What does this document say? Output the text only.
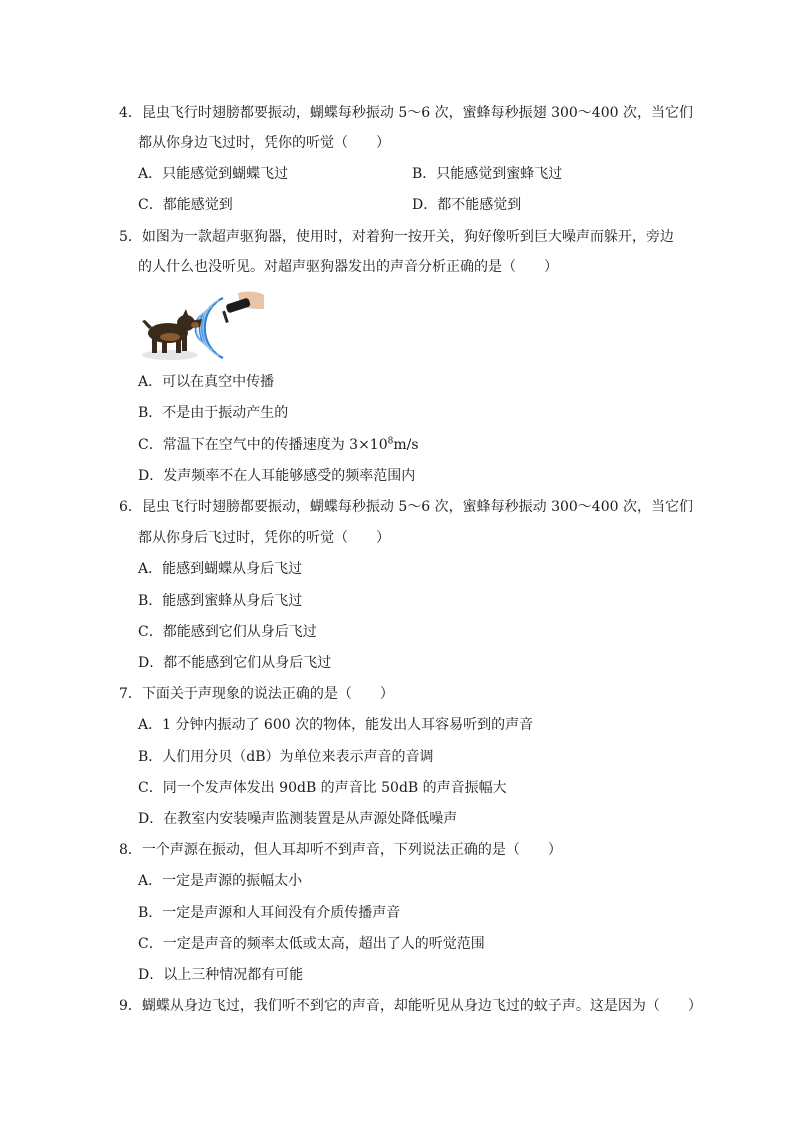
4．昆虫飞行时翅膀都要振动，蝴蝶每秒振动 5～6 次，蜜蜂每秒振翅 300～400 次，当它们
都从你身边飞过时，凭你的听觉（　　）
A．只能感觉到蝴蝶飞过	B．只能感觉到蜜蜂飞过
C．都能感觉到	D．都不能感觉到
5．如图为一款超声驱狗器，使用时，对着狗一按开关，狗好像听到巨大噪声而躲开，旁边
的人什么也没听见。对超声驱狗器发出的声音分析正确的是（　　）
A．可以在真空中传播
B．不是由于振动产生的
C．常温下在空气中的传播速度为 $3\times 10^8m/s$
D．发声频率不在人耳能够感受的频率范围内
6．昆虫飞行时翅膀都要振动，蝴蝶每秒振动 5～6 次，蜜蜂每秒振动 300～400 次，当它们
都从你身后飞过时，凭你的听觉（　　）
A．能感到蝴蝶从身后飞过
B．能感到蜜蜂从身后飞过
C．都能感到它们从身后飞过
D．都不能感到它们从身后飞过
7．下面关于声现象的说法正确的是（　　）
A．1 分钟内振动了 600 次的物体，能发出人耳容易听到的声音
B．人们用分贝（dB）为单位来表示声音的音调
C．同一个发声体发出 90dB 的声音比 50dB 的声音振幅大
D．在教室内安装噪声监测装置是从声源处降低噪声
8．一个声源在振动，但人耳却听不到声音，下列说法正确的是（　　）
A．一定是声源的振幅太小
B．一定是声源和人耳间没有介质传播声音
C．一定是声音的频率太低或太高，超出了人的听觉范围
D．以上三种情况都有可能
9．蝴蝶从身边飞过，我们听不到它的声音，却能听见从身边飞过的蚊子声。这是因为（　　）
